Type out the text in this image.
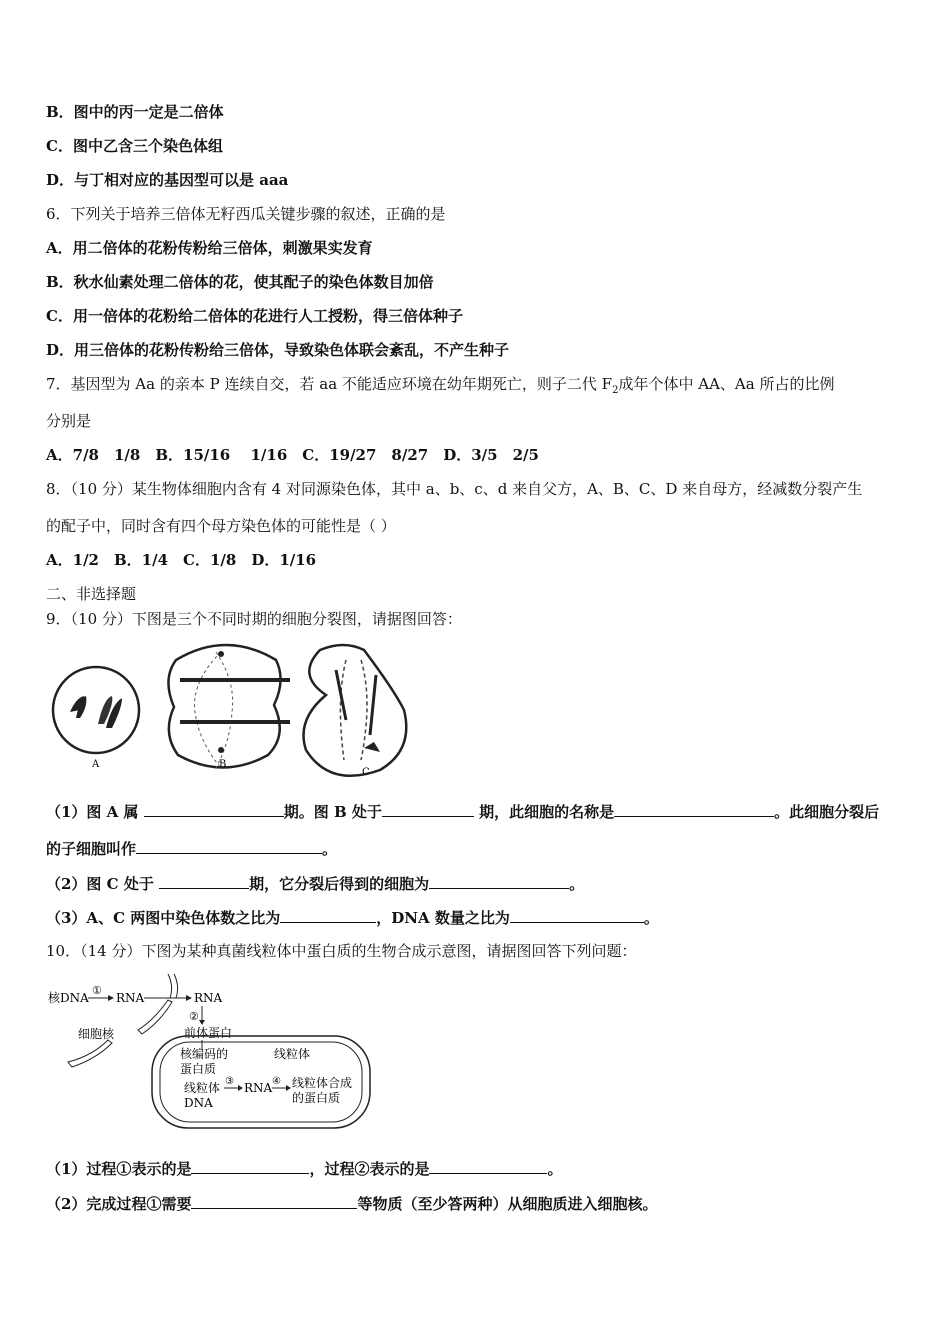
B．图中的丙一定是二倍体
C．图中乙含三个染色体组
D．与丁相对应的基因型可以是 aaa
6．下列关于培养三倍体无籽西瓜关键步骤的叙述，正确的是
A．用二倍体的花粉传粉给三倍体，刺激果实发育
B．秋水仙素处理二倍体的花，使其配子的染色体数目加倍
C．用一倍体的花粉给二倍体的花进行人工授粉，得三倍体种子
D．用三倍体的花粉传粉给三倍体，导致染色体联会紊乱，不产生种子
7．基因型为 Aa 的亲本 P 连续自交，若 aa 不能适应环境在幼年期死亡，则子二代 $F_2$成年个体中 AA、Aa 所占的比例
分别是
A．7/8　1/8　B．15/16　 1/16　C．19/27　8/27　D．3/5　2/5
8．（10 分）某生物体细胞内含有 4 对同源染色体，其中 a、b、c、d 来自父方，A、B、C、D 来自母方，经减数分裂产生
的配子中，同时含有四个母方染色体的可能性是（ ）
A．1/2　B．1/4　C．1/8　D．1/16
二、非选择题
9．（10 分）下图是三个不同时期的细胞分裂图，请据图回答：
A	B
C
（1）图 A 属	期。图 B 处于	期，此细胞的名称是	。此细胞分裂后
的子细胞叫作	。
（2）图 C 处于	期，它分裂后得到的细胞为	。
（3）A、C 两图中染色体数之比为	，DNA 数量之比为	。
10．（14 分）下图为某种真菌线粒体中蛋白质的生物合成示意图，请据图回答下列问题：
核DNA
①
RNA	RNA
②
前体蛋白
细胞核
核编码的
蛋白质
线粒体
线粒体
DNA
③ RNA ④ 线粒体合成
的蛋白质
（1）过程①表示的是	，过程②表示的是	。
（2）完成过程①需要	等物质（至少答两种）从细胞质进入细胞核。
